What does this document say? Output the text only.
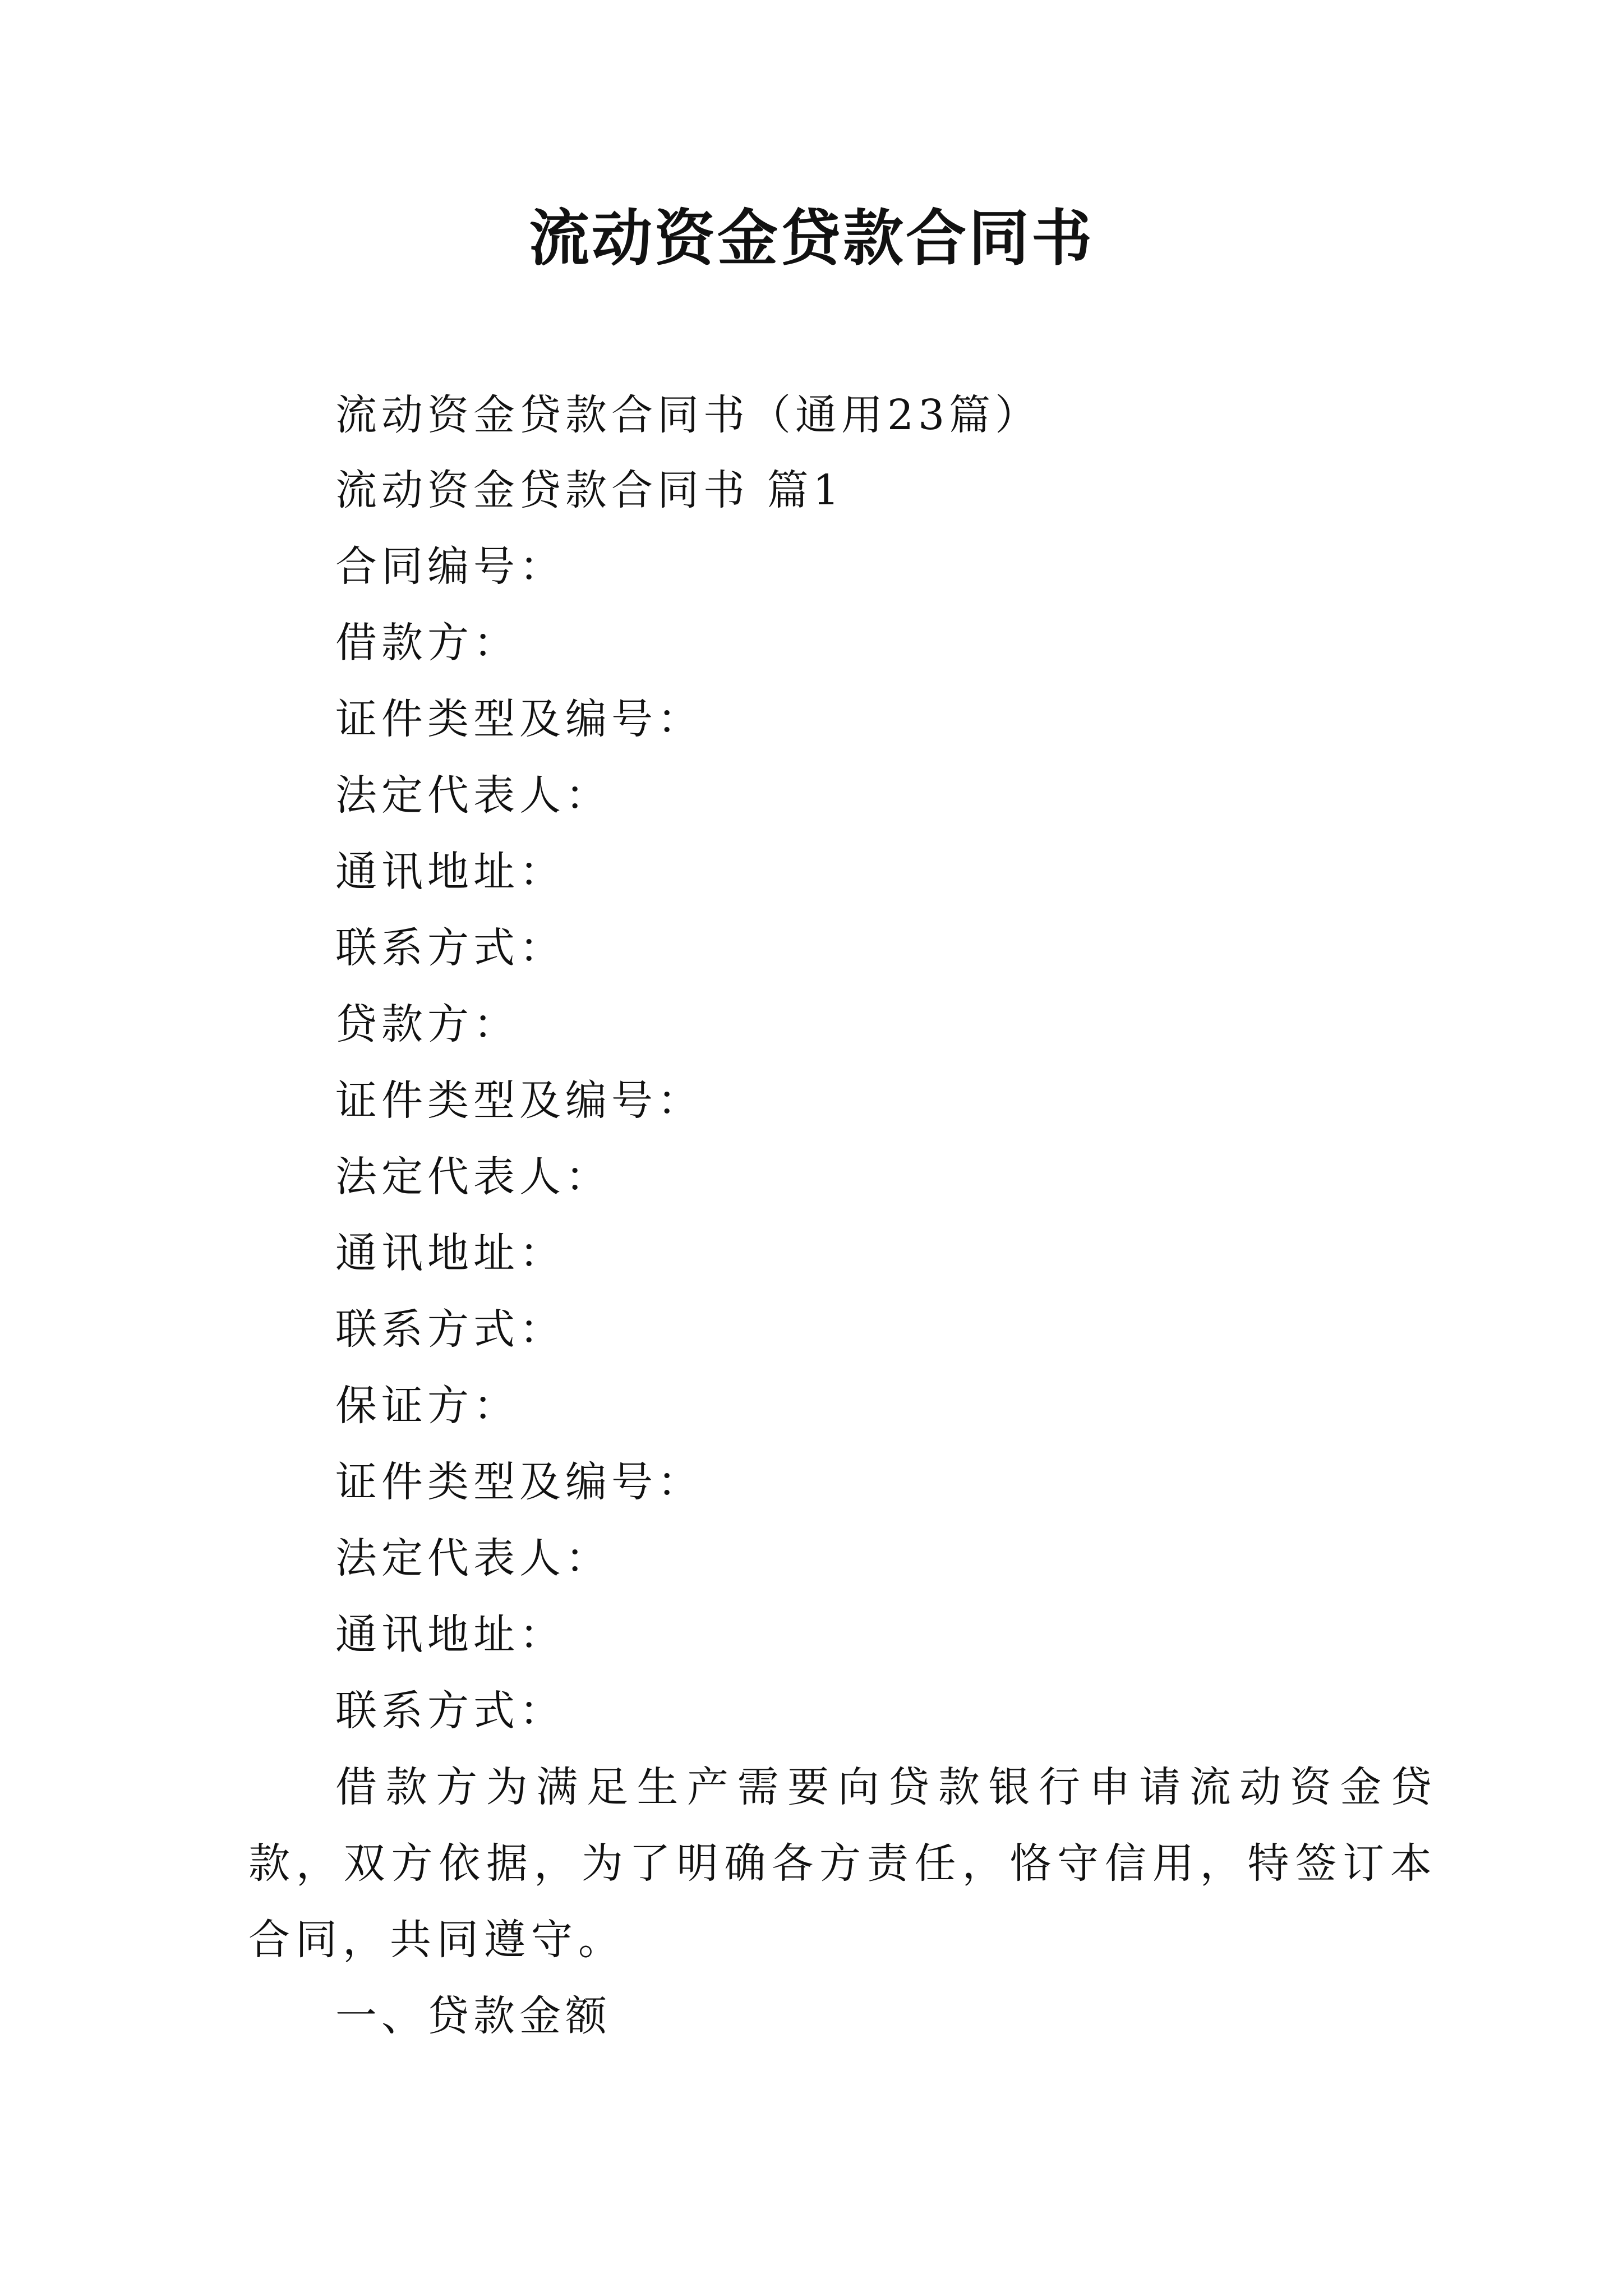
流动资金贷款合同书
流动资金贷款合同书（通用23篇）
流动资金贷款合同书 篇1
合同编号：
借款方：
证件类型及编号：
法定代表人：
通讯地址：
联系方式：
贷款方：
证件类型及编号：
法定代表人：
通讯地址：
联系方式：
保证方：
证件类型及编号：
法定代表人：
通讯地址：
联系方式：
借款方为满足生产需要向贷款银行申请流动资金贷款，双方依据，为了明确各方责任，恪守信用，特签订本合同，共同遵守。
一、贷款金额
